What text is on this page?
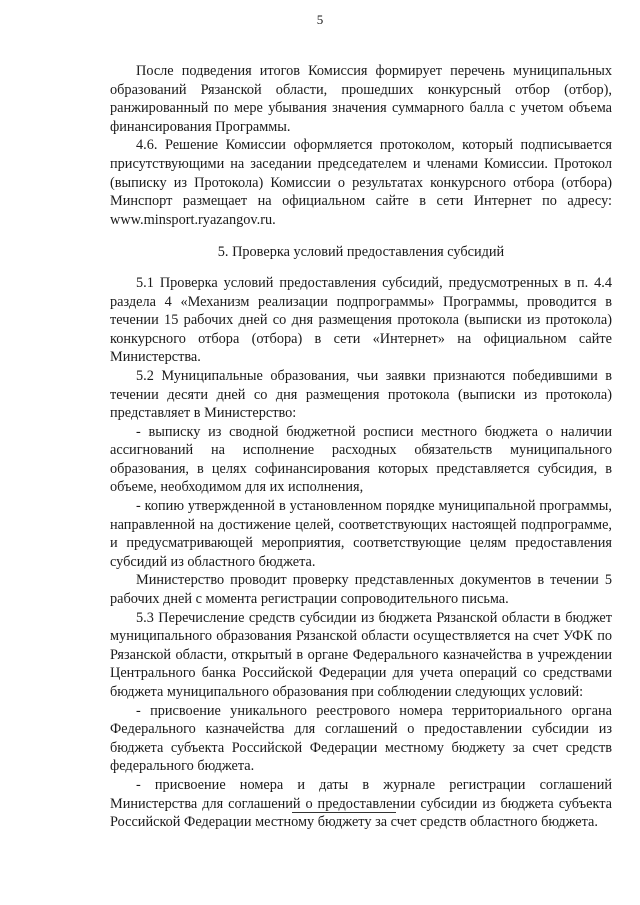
5

После подведения итогов Комиссия формирует перечень муниципальных образований Рязанской области, прошедших конкурсный отбор (отбор), ранжированный по мере убывания значения суммарного балла с учетом объема финансирования Программы.

4.6. Решение Комиссии оформляется протоколом, который подписывается присутствующими на заседании председателем и членами Комиссии. Протокол (выписку из Протокола) Комиссии о результатах конкурсного отбора (отбора) Минспорт размещает на официальном сайте в сети Интернет по адресу: www.minsport.ryazangov.ru.

5. Проверка условий предоставления субсидий

5.1 Проверка условий предоставления субсидий, предусмотренных в п. 4.4 раздела 4 «Механизм реализации подпрограммы» Программы, проводится в течении 15 рабочих дней со дня размещения протокола (выписки из протокола) конкурсного отбора (отбора) в сети «Интернет» на официальном сайте Министерства.

5.2 Муниципальные образования, чьи заявки признаются победившими в течении десяти дней со дня размещения протокола (выписки из протокола) представляет в Министерство:

- выписку из сводной бюджетной росписи местного бюджета о наличии ассигнований на исполнение расходных обязательств муниципального образования, в целях софинансирования которых представляется субсидия, в объеме, необходимом для их исполнения,

- копию утвержденной в установленном порядке муниципальной программы, направленной на достижение целей, соответствующих настоящей подпрограмме, и предусматривающей мероприятия, соответствующие целям предоставления субсидий из областного бюджета.

Министерство проводит проверку представленных документов в течении 5 рабочих дней с момента регистрации сопроводительного письма.

5.3 Перечисление средств субсидии из бюджета Рязанской области в бюджет муниципального образования Рязанской области осуществляется на счет УФК по Рязанской области, открытый в органе Федерального казначейства в учреждении Центрального банка Российской Федерации для учета операций со средствами бюджета муниципального образования при соблюдении следующих условий:

- присвоение уникального реестрового номера территориального органа Федерального казначейства для соглашений о предоставлении субсидии из бюджета субъекта Российской Федерации местному бюджету за счет средств федерального бюджета.

- присвоение номера и даты в журнале регистрации соглашений Министерства для соглашений о предоставлении субсидии из бюджета субъекта Российской Федерации местному бюджету за счет средств областного бюджета.
